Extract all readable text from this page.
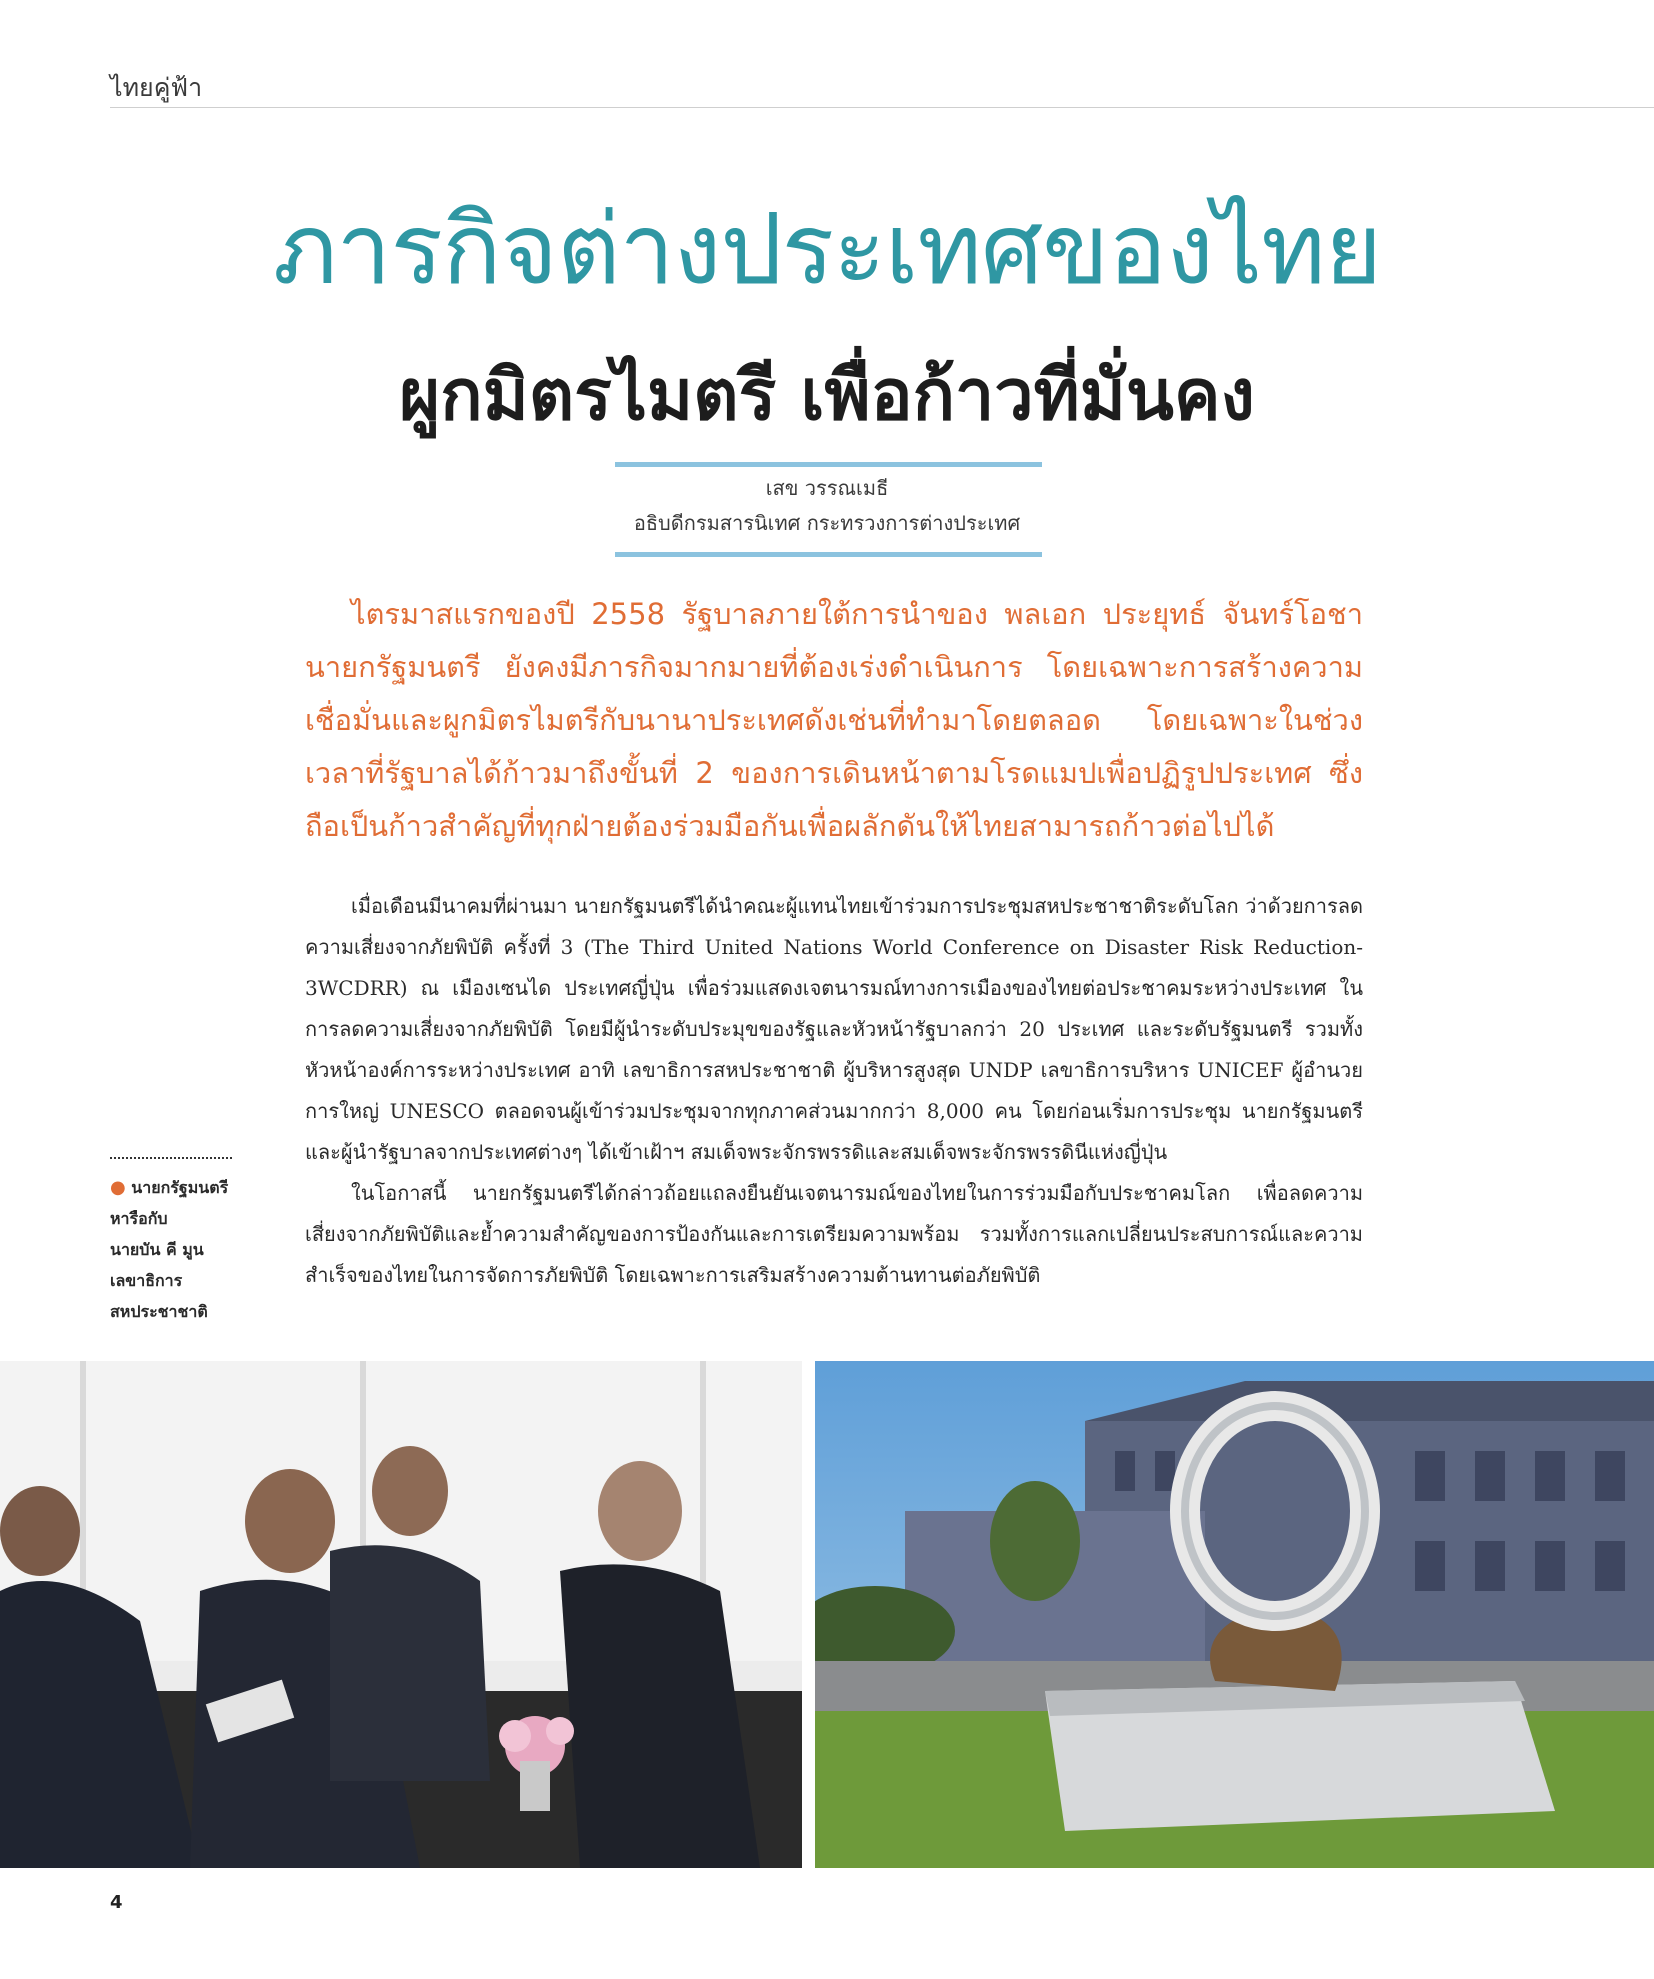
ไทยคู่ฟ้า
ภารกิจต่างประเทศของไทย
ผูกมิตรไมตรี เพื่อก้าวที่มั่นคง
เสข วรรณเมธี
อธิบดีกรมสารนิเทศ กระทรวงการต่างประเทศ
ไตรมาสแรกของปี 2558 รัฐบาลภายใต้การนำของ พลเอก ประยุทธ์ จันทร์โอชา นายกรัฐมนตรี ยังคงมีภารกิจมากมายที่ต้องเร่งดำเนินการ โดยเฉพาะการสร้างความเชื่อมั่นและผูกมิตรไมตรีกับนานาประเทศดังเช่นที่ทำมาโดยตลอด โดยเฉพาะในช่วงเวลาที่รัฐบาลได้ก้าวมาถึงขั้นที่ 2 ของการเดินหน้าตามโรดแมปเพื่อปฏิรูปประเทศ ซึ่งถือเป็นก้าวสำคัญที่ทุกฝ่ายต้องร่วมมือกันเพื่อผลักดันให้ไทยสามารถก้าวต่อไปได้

เมื่อเดือนมีนาคมที่ผ่านมา นายกรัฐมนตรีได้นำคณะผู้แทนไทยเข้าร่วมการประชุมสหประชาชาติระดับโลก ว่าด้วยการลดความเสี่ยงจากภัยพิบัติ ครั้งที่ 3 (The Third United Nations World Conference on Disaster Risk Reduction-3WCDRR) ณ เมืองเซนได ประเทศญี่ปุ่น เพื่อร่วมแสดงเจตนารมณ์ทางการเมืองของไทยต่อประชาคมระหว่างประเทศ ในการลดความเสี่ยงจากภัยพิบัติ โดยมีผู้นำระดับประมุขของรัฐและหัวหน้ารัฐบาลกว่า 20 ประเทศ และระดับรัฐมนตรี รวมทั้งหัวหน้าองค์การระหว่างประเทศ อาทิ เลขาธิการสหประชาชาติ ผู้บริหารสูงสุด UNDP เลขาธิการบริหาร UNICEF ผู้อำนวยการใหญ่ UNESCO ตลอดจนผู้เข้าร่วมประชุมจากทุกภาคส่วนมากกว่า 8,000 คน โดยก่อนเริ่มการประชุม นายกรัฐมนตรีและผู้นำรัฐบาลจากประเทศต่างๆ ได้เข้าเฝ้าฯ สมเด็จพระจักรพรรดิและสมเด็จพระจักรพรรดินีแห่งญี่ปุ่น

ในโอกาสนี้ นายกรัฐมนตรีได้กล่าวถ้อยแถลงยืนยันเจตนารมณ์ของไทยในการร่วมมือกับประชาคมโลก เพื่อลดความเสี่ยงจากภัยพิบัติและย้ำความสำคัญของการป้องกันและการเตรียมความพร้อม รวมทั้งการแลกเปลี่ยนประสบการณ์และความสำเร็จของไทยในการจัดการภัยพิบัติ โดยเฉพาะการเสริมสร้างความต้านทานต่อภัยพิบัติ

● นายกรัฐมนตรี
หารือกับ
นายบัน คี มูน
เลขาธิการ
สหประชาชาติ
4
